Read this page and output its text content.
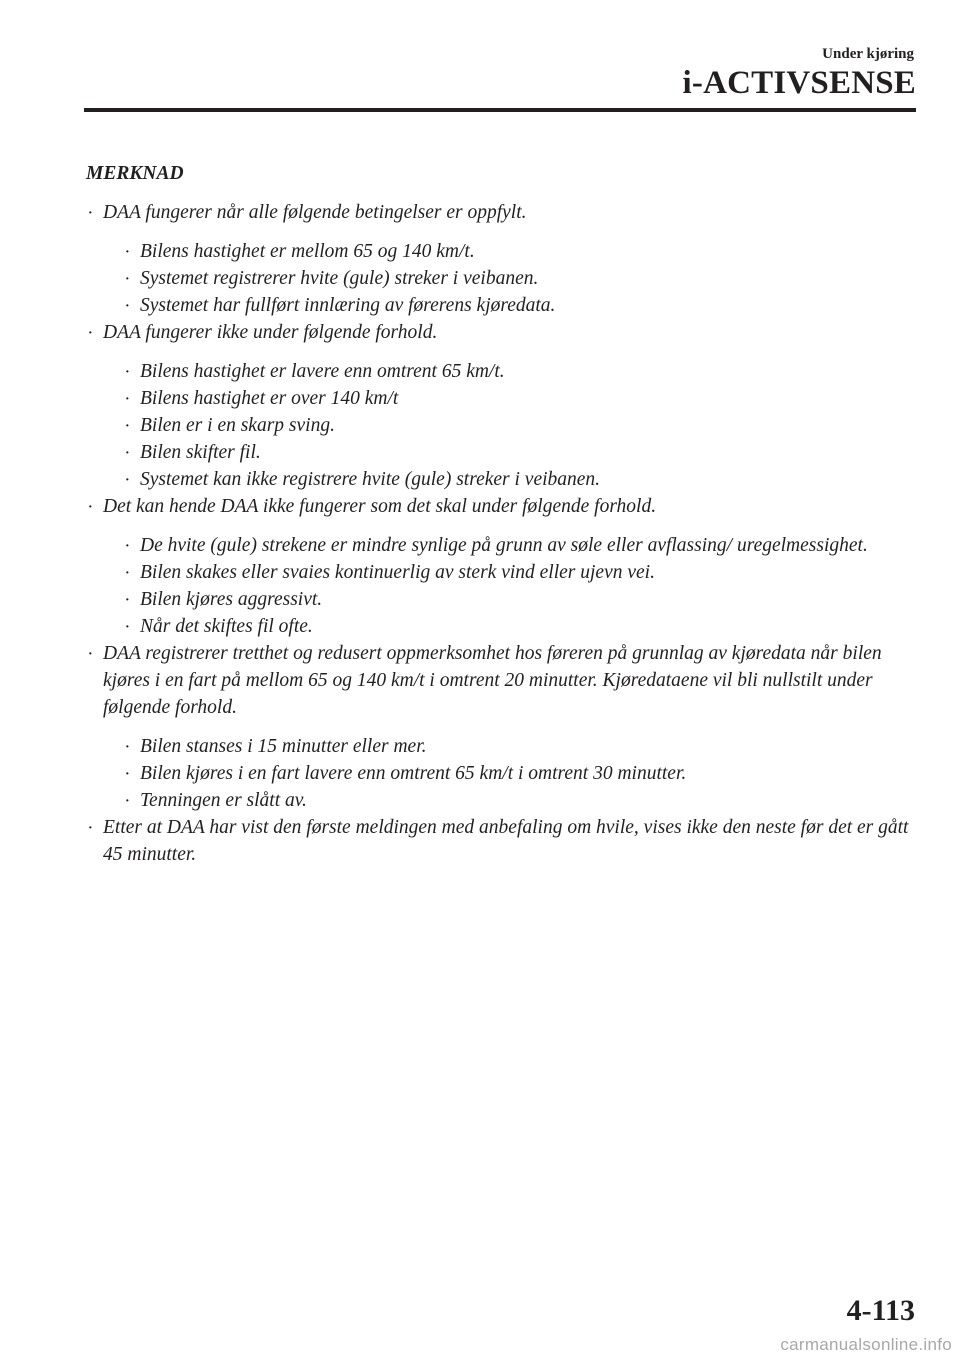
Under kjøring
i-ACTIVSENSE
MERKNAD
· DAA fungerer når alle følgende betingelser er oppfylt.
· Bilens hastighet er mellom 65 og 140 km/t.
· Systemet registrerer hvite (gule) streker i veibanen.
· Systemet har fullført innlæring av førerens kjøredata.
· DAA fungerer ikke under følgende forhold.
· Bilens hastighet er lavere enn omtrent 65 km/t.
· Bilens hastighet er over 140 km/t
· Bilen er i en skarp sving.
· Bilen skifter fil.
· Systemet kan ikke registrere hvite (gule) streker i veibanen.
· Det kan hende DAA ikke fungerer som det skal under følgende forhold.
· De hvite (gule) strekene er mindre synlige på grunn av søle eller avflassing/ uregelmessighet.
· Bilen skakes eller svaies kontinuerlig av sterk vind eller ujevn vei.
· Bilen kjøres aggressivt.
· Når det skiftes fil ofte.
· DAA registrerer tretthet og redusert oppmerksomhet hos føreren på grunnlag av kjøredata når bilen kjøres i en fart på mellom 65 og 140 km/t i omtrent 20 minutter. Kjøredataene vil bli nullstilt under følgende forhold.
· Bilen stanses i 15 minutter eller mer.
· Bilen kjøres i en fart lavere enn omtrent 65 km/t i omtrent 30 minutter.
· Tenningen er slått av.
· Etter at DAA har vist den første meldingen med anbefaling om hvile, vises ikke den neste før det er gått 45 minutter.
4-113
carmanualsonline.info
